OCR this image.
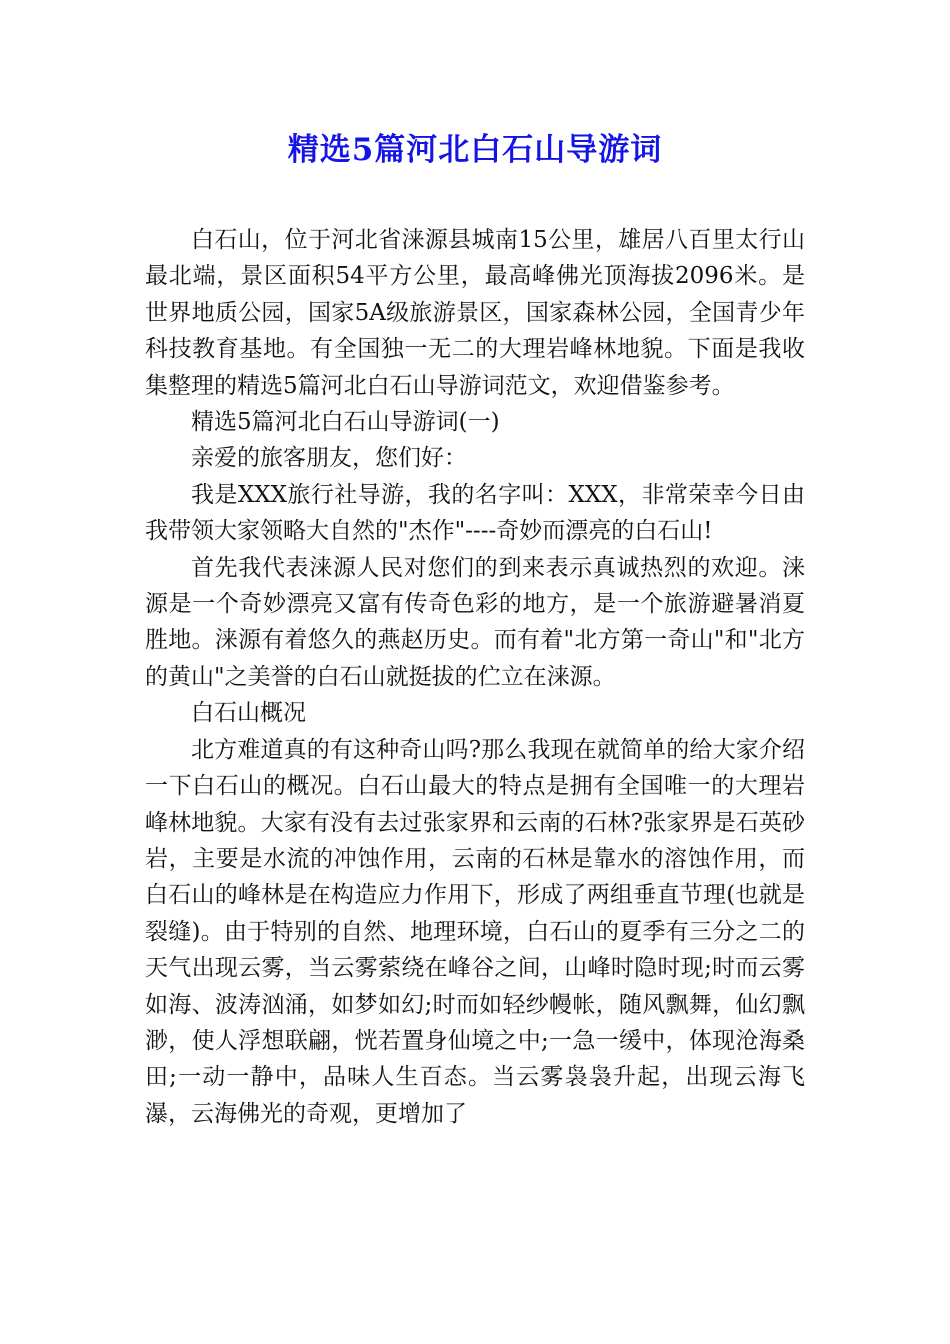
精选5篇河北白石山导游词

白石山，位于河北省涞源县城南15公里，雄居八百里太行山最北端，景区面积54平方公里，最高峰佛光顶海拔2096米。是世界地质公园，国家5A级旅游景区，国家森林公园，全国青少年科技教育基地。有全国独一无二的大理岩峰林地貌。下面是我收集整理的精选5篇河北白石山导游词范文，欢迎借鉴参考。

精选5篇河北白石山导游词(一)

亲爱的旅客朋友，您们好：

我是XXX旅行社导游，我的名字叫：XXX，非常荣幸今日由我带领大家领略大自然的"杰作"----奇妙而漂亮的白石山!

首先我代表涞源人民对您们的到来表示真诚热烈的欢迎。涞源是一个奇妙漂亮又富有传奇色彩的地方，是一个旅游避暑消夏胜地。涞源有着悠久的燕赵历史。而有着"北方第一奇山"和"北方的黄山"之美誉的白石山就挺拔的伫立在涞源。

白石山概况

北方难道真的有这种奇山吗?那么我现在就简单的给大家介绍一下白石山的概况。白石山最大的特点是拥有全国唯一的大理岩峰林地貌。大家有没有去过张家界和云南的石林?张家界是石英砂岩，主要是水流的冲蚀作用，云南的石林是靠水的溶蚀作用，而白石山的峰林是在构造应力作用下，形成了两组垂直节理(也就是裂缝)。由于特别的自然、地理环境，白石山的夏季有三分之二的天气出现云雾，当云雾萦绕在峰谷之间，山峰时隐时现;时而云雾如海、波涛汹涌，如梦如幻;时而如轻纱幔帐，随风飘舞，仙幻飘渺，使人浮想联翩，恍若置身仙境之中;一急一缓中，体现沧海桑田;一动一静中，品味人生百态。当云雾袅袅升起，出现云海飞瀑，云海佛光的奇观，更增加了
